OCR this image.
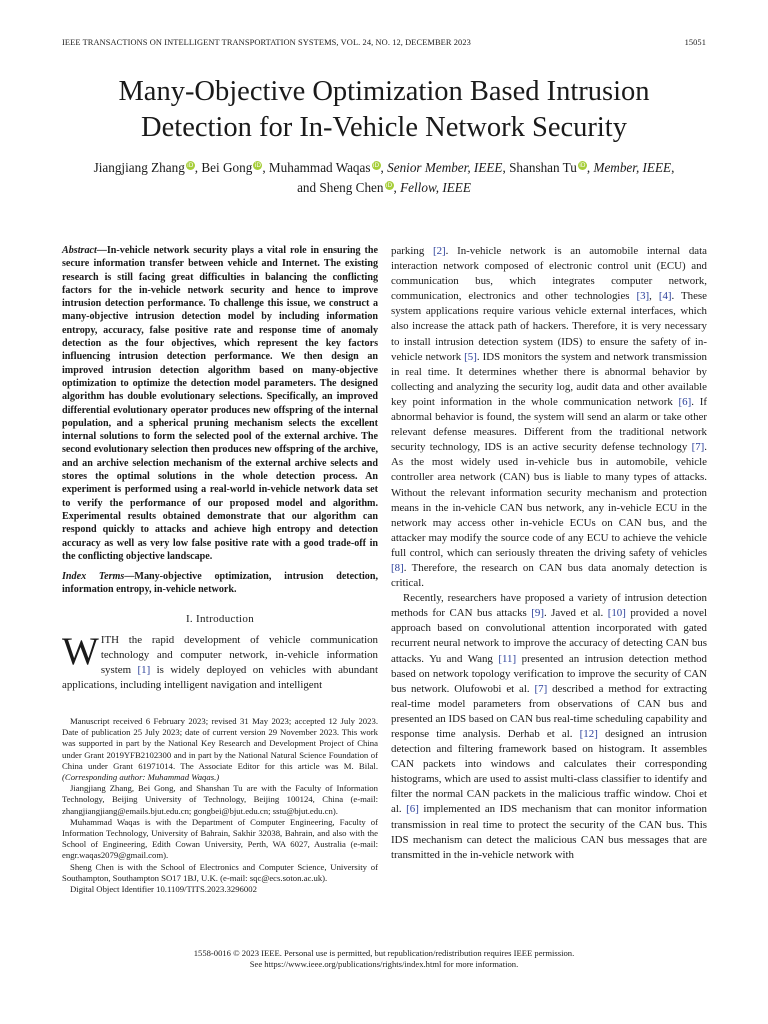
IEEE TRANSACTIONS ON INTELLIGENT TRANSPORTATION SYSTEMS, VOL. 24, NO. 12, DECEMBER 2023	15051
Many-Objective Optimization Based Intrusion
Detection for In-Vehicle Network Security
Jiangjiang Zhang iD, Bei Gong iD, Muhammad Waqas iD, Senior Member, IEEE, Shanshan Tu iD, Member, IEEE,
and Sheng Chen iD, Fellow, IEEE
Abstract—In-vehicle network security plays a vital role in ensuring the secure information transfer between vehicle and Internet. The existing research is still facing great difficulties in balancing the conflicting factors for the in-vehicle network security and hence to improve intrusion detection performance. To challenge this issue, we construct a many-objective intrusion detection model by including information entropy, accuracy, false positive rate and response time of anomaly detection as the four objectives, which represent the key factors influencing intrusion detection performance. We then design an improved intrusion detection algorithm based on many-objective optimization to optimize the detection model parameters. The designed algorithm has double evolutionary selections. Specifically, an improved differential evolutionary operator produces new offspring of the internal population, and a spherical pruning mechanism selects the excellent internal solutions to form the selected pool of the external archive. The second evolutionary selection then produces new offspring of the archive, and an archive selection mechanism of the external archive selects and stores the optimal solutions in the whole detection process. An experiment is performed using a real-world in-vehicle network data set to verify the performance of our proposed model and algorithm. Experimental results obtained demonstrate that our algorithm can respond quickly to attacks and achieve high entropy and detection accuracy as well as very low false positive rate with a good trade-off in the conflicting objective landscape.
Index Terms—Many-objective optimization, intrusion detection, information entropy, in-vehicle network.
I. Introduction
WITH the rapid development of vehicle communication technology and computer network, in-vehicle information system [1] is widely deployed on vehicles with abundant applications, including intelligent navigation and intelligent

Manuscript received 6 February 2023; revised 31 May 2023; accepted 12 July 2023. Date of publication 25 July 2023; date of current version 29 November 2023. This work was supported in part by the National Key Research and Development Project of China under Grant 2019YFB2102300 and in part by the National Natural Science Foundation of China under Grant 61971014. The Associate Editor for this article was M. Bilal. (Corresponding author: Muhammad Waqas.)

Jiangjiang Zhang, Bei Gong, and Shanshan Tu are with the Faculty of Information Technology, Beijing University of Technology, Beijing 100124, China (e-mail: zhangjiangjiang@emails.bjut.edu.cn; gongbei@bjut.edu.cn; sstu@bjut.edu.cn).

Muhammad Waqas is with the Department of Computer Engineering, Faculty of Information Technology, University of Bahrain, Sakhir 32038, Bahrain, and also with the School of Engineering, Edith Cowan University, Perth, WA 6027, Australia (e-mail: engr.waqas2079@gmail.com).

Sheng Chen is with the School of Electronics and Computer Science, University of Southampton, Southampton SO17 1BJ, U.K. (e-mail: sqc@ecs.soton.ac.uk).

Digital Object Identifier 10.1109/TITS.2023.3296002

parking [2]. In-vehicle network is an automobile internal data interaction network composed of electronic control unit (ECU) and communication bus, which integrates computer network, communication, electronics and other technologies [3], [4]. These system applications require various vehicle external interfaces, which also increase the attack path of hackers. Therefore, it is very necessary to install intrusion detection system (IDS) to ensure the safety of in-vehicle network [5]. IDS monitors the system and network transmission in real time. It determines whether there is abnormal behavior by collecting and analyzing the security log, audit data and other available key point information in the whole communication network [6]. If abnormal behavior is found, the system will send an alarm or take other relevant defense measures. Different from the traditional network security technology, IDS is an active security defense technology [7]. As the most widely used in-vehicle bus in automobile, vehicle controller area network (CAN) bus is liable to many types of attacks. Without the relevant information security mechanism and protection means in the in-vehicle CAN bus network, any in-vehicle ECU in the network may access other in-vehicle ECUs on CAN bus, and the attacker may modify the source code of any ECU to achieve the vehicle full control, which can seriously threaten the driving safety of vehicles [8]. Therefore, the research on CAN bus data anomaly detection is critical.

Recently, researchers have proposed a variety of intrusion detection methods for CAN bus attacks [9]. Javed et al. [10] provided a novel approach based on convolutional attention incorporated with gated recurrent neural network to improve the accuracy of detecting CAN bus attacks. Yu and Wang [11] presented an intrusion detection method based on network topology verification to improve the security of CAN bus network. Olufowobi et al. [7] described a method for extracting real-time model parameters from observations of CAN bus and presented an IDS based on CAN bus real-time scheduling capability and response time analysis. Derhab et al. [12] designed an intrusion detection and filtering framework based on histogram. It assembles CAN packets into windows and calculates their corresponding histograms, which are used to assist multi-class classifier to identify and filter the normal CAN packets in the malicious traffic window. Choi et al. [6] implemented an IDS mechanism that can monitor information transmission in real time to protect the security of the CAN bus. This IDS mechanism can detect the malicious CAN bus messages that are transmitted in the in-vehicle network with

1558-0016 © 2023 IEEE. Personal use is permitted, but republication/redistribution requires IEEE permission.
See https://www.ieee.org/publications/rights/index.html for more information.
